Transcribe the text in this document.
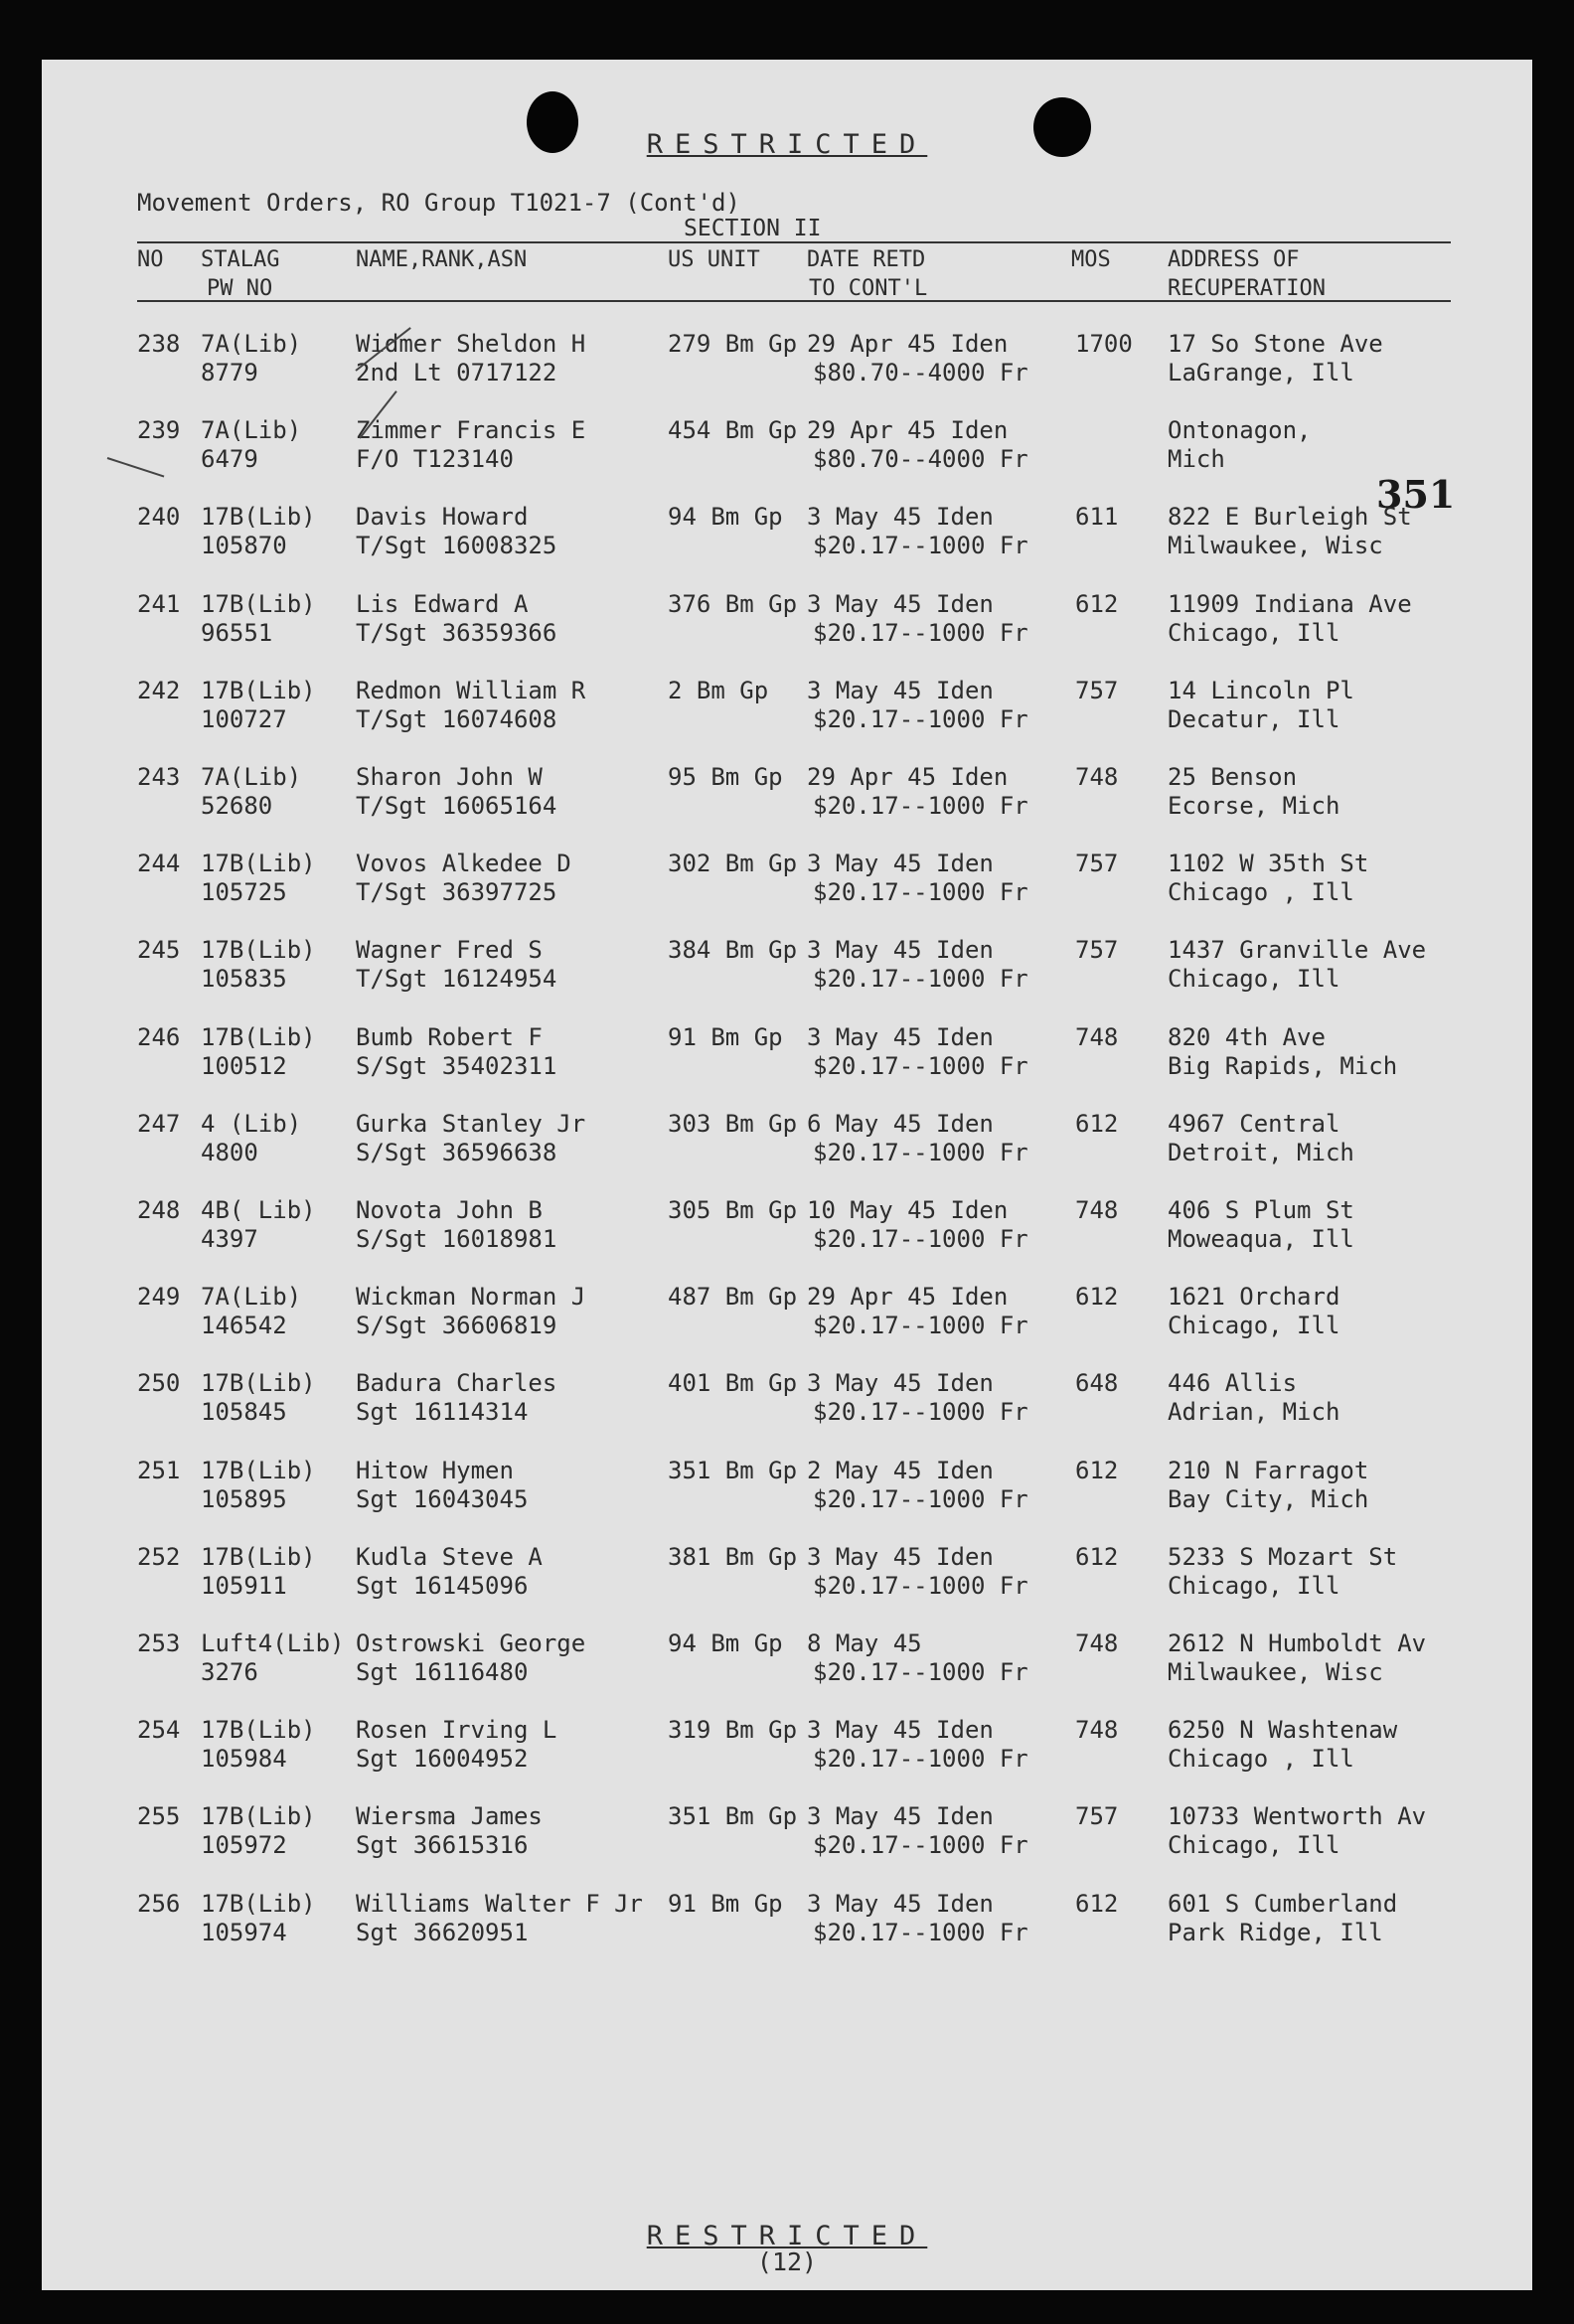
RESTRICTED
Movement Orders, RO Group T1021-7 (Cont'd)
SECTION II
351
NO STALAG
PW NO
NAME,RANK,ASN	US UNIT DATE RETD
TO CONT'L
MOS	ADDRESS OF
RECUPERATION
238 7A(Lib)
8779
Widmer Sheldon H
2nd Lt 0717122
279 Bm Gp 29 Apr 45 Iden
$80.70--4000 Fr
1700 17 So Stone Ave
LaGrange, Ill
239 7A(Lib)
6479
Zimmer Francis E
F/O T123140
454 Bm Gp 29 Apr 45 Iden
$80.70--4000 Fr
Ontonagon,
Mich
240 17B(Lib)
105870
Davis Howard
T/Sgt 16008325
94 Bm Gp 3 May 45 Iden
$20.17--1000 Fr
611 822 E Burleigh St
Milwaukee, Wisc
241 17B(Lib)
96551
Lis Edward A
T/Sgt 36359366
376 Bm Gp 3 May 45 Iden
$20.17--1000 Fr
612 11909 Indiana Ave
Chicago, Ill
242 17B(Lib)
100727
Redmon William R
T/Sgt 16074608
2 Bm Gp 3 May 45 Iden
$20.17--1000 Fr
757 14 Lincoln Pl
Decatur, Ill
243 7A(Lib)
52680
Sharon John W
T/Sgt 16065164
95 Bm Gp 29 Apr 45 Iden
$20.17--1000 Fr
748 25 Benson
Ecorse, Mich
244 17B(Lib)
105725
Vovos Alkedee D
T/Sgt 36397725
302 Bm Gp 3 May 45 Iden
$20.17--1000 Fr
757 1102 W 35th St
Chicago , Ill
245 17B(Lib)
105835
Wagner Fred S
T/Sgt 16124954
384 Bm Gp 3 May 45 Iden
$20.17--1000 Fr
757 1437 Granville Ave
Chicago, Ill
246 17B(Lib)
100512
Bumb Robert F
S/Sgt 35402311
91 Bm Gp 3 May 45 Iden
$20.17--1000 Fr
748 820 4th Ave
Big Rapids, Mich
247 4 (Lib)
4800
Gurka Stanley Jr
S/Sgt 36596638
303 Bm Gp 6 May 45 Iden
$20.17--1000 Fr
612 4967 Central
Detroit, Mich
248 4B( Lib)
4397
Novota John B
S/Sgt 16018981
305 Bm Gp 10 May 45 Iden
$20.17--1000 Fr
748 406 S Plum St
Moweaqua, Ill
249 7A(Lib)
146542
Wickman Norman J
S/Sgt 36606819
487 Bm Gp 29 Apr 45 Iden
$20.17--1000 Fr
612 1621 Orchard
Chicago, Ill
250 17B(Lib)
105845
Badura Charles
Sgt 16114314
401 Bm Gp 3 May 45 Iden
$20.17--1000 Fr
648 446 Allis
Adrian, Mich
251 17B(Lib)
105895
Hitow Hymen
Sgt 16043045
351 Bm Gp 2 May 45 Iden
$20.17--1000 Fr
612 210 N Farragot
Bay City, Mich
252 17B(Lib)
105911
Kudla Steve A
Sgt 16145096
381 Bm Gp 3 May 45 Iden
$20.17--1000 Fr
612 5233 S Mozart St
Chicago, Ill
253 Luft4(Lib)
3276
Ostrowski George
Sgt 16116480
94 Bm Gp 8 May 45
$20.17--1000 Fr
748 2612 N Humboldt Av
Milwaukee, Wisc
254 17B(Lib)
105984
Rosen Irving L
Sgt 16004952
319 Bm Gp 3 May 45 Iden
$20.17--1000 Fr
748 6250 N Washtenaw
Chicago , Ill
255 17B(Lib)
105972
Wiersma James
Sgt 36615316
351 Bm Gp 3 May 45 Iden
$20.17--1000 Fr
757 10733 Wentworth Av
Chicago, Ill
256 17B(Lib)
105974
Williams Walter F Jr
Sgt 36620951
91 Bm Gp 3 May 45 Iden
$20.17--1000 Fr
612 601 S Cumberland
Park Ridge, Ill
RESTRICTED
(12)
